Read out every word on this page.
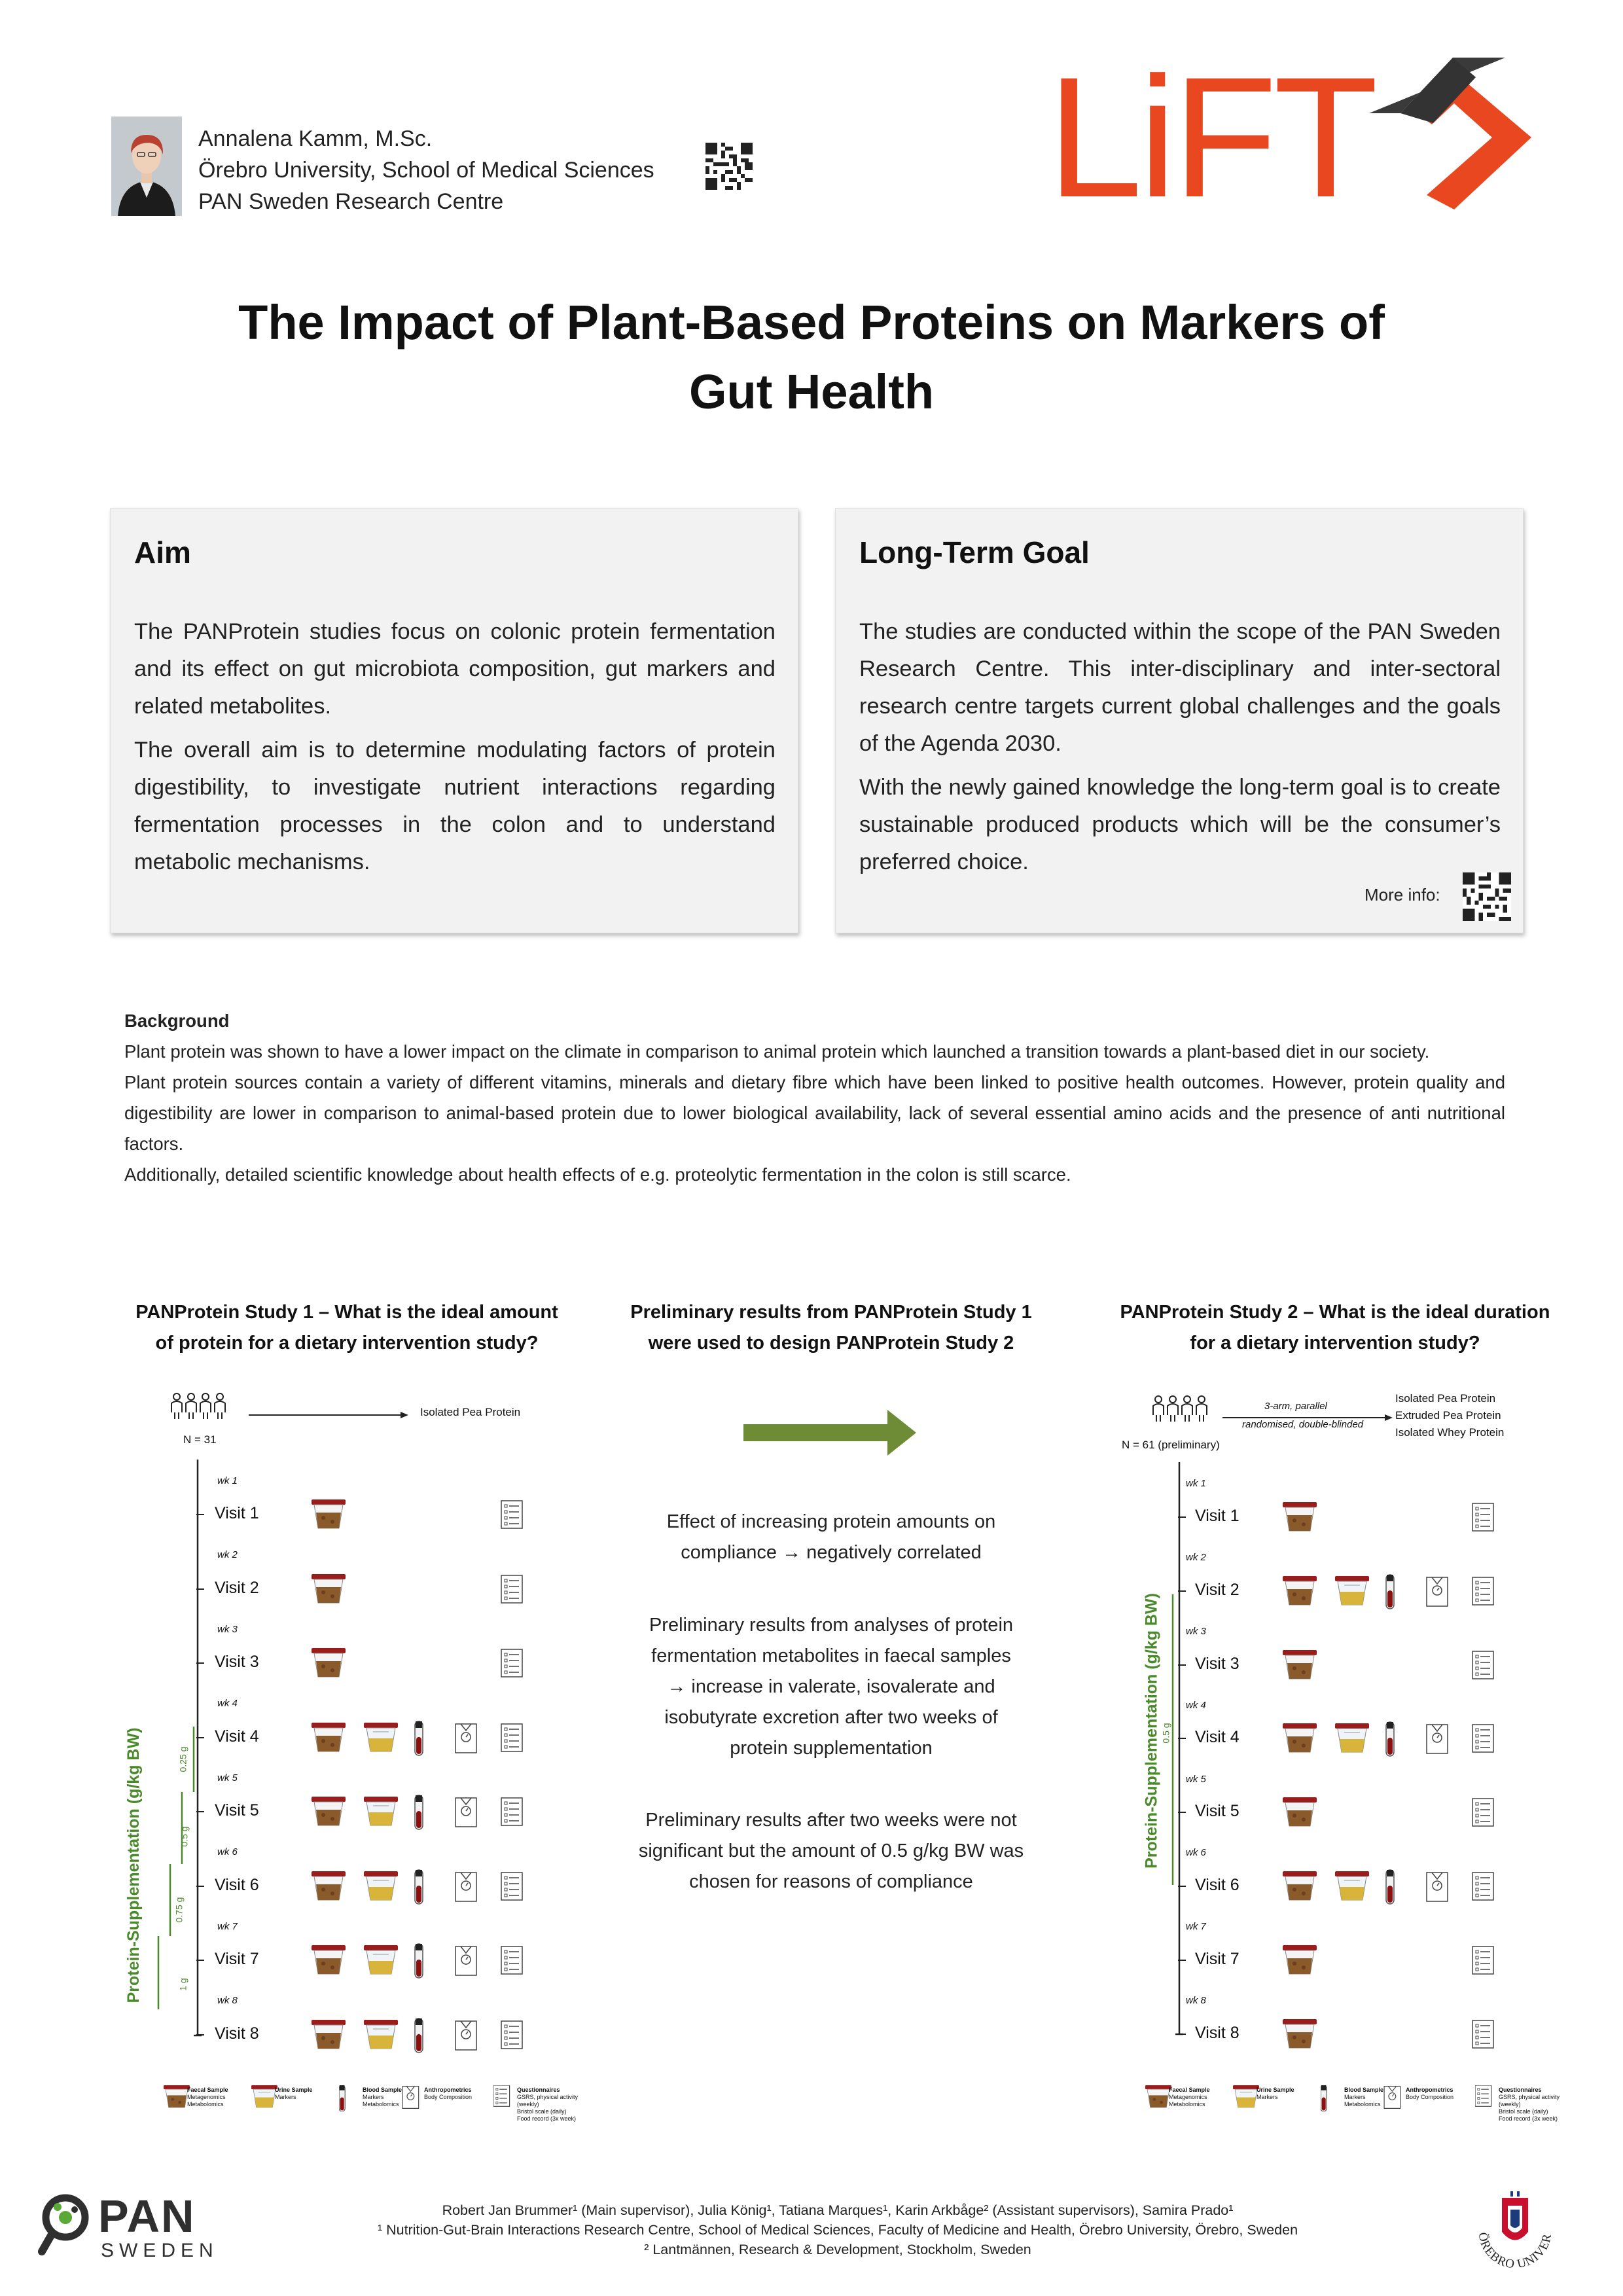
Annalena Kamm, M.Sc.
Örebro University, School of Medical Sciences
PAN Sweden Research Centre	LiFT
The Impact of Plant-Based Proteins on Markers of
Gut Health
Aim

The PANProtein studies focus on colonic protein fermentation and its effect on gut microbiota composition, gut markers and related metabolites.

The overall aim is to determine modulating factors of protein digestibility, to investigate nutrient interactions regarding fermentation processes in the colon and to understand metabolic mechanisms.

Long-Term Goal

The studies are conducted within the scope of the PAN Sweden Research Centre. This inter-disciplinary and inter-sectoral research centre targets current global challenges and the goals of the Agenda 2030.

With the newly gained knowledge the long-term goal is to create sustainable produced products which will be the consumer’s preferred choice.

More info:

Background

Plant protein was shown to have a lower impact on the climate in comparison to animal protein which launched a transition towards a plant-based diet in our society.

Plant protein sources contain a variety of different vitamins, minerals and dietary fibre which have been linked to positive health outcomes. However, protein quality and digestibility are lower in comparison to animal-based protein due to lower biological availability, lack of several essential amino acids and the presence of anti nutritional factors.

Additionally, detailed scientific knowledge about health effects of e.g. proteolytic fermentation in the colon is still scarce.

PANProtein Study 1 – What is the ideal amount
of protein for a dietary intervention study?
Preliminary results from PANProtein Study 1
were used to design PANProtein Study 2
PANProtein Study 2 – What is the ideal duration
for a dietary intervention study?
Effect of increasing protein amounts on
compliance → negatively correlated
Preliminary results from analyses of protein
fermentation metabolites in faecal samples
→ increase in valerate, isovalerate and
isobutyrate excretion after two weeks of
protein supplementation
Preliminary results after two weeks were not
significant but the amount of 0.5 g/kg BW was
chosen for reasons of compliance
Isolated Pea Protein
N = 31
Protein-Supplementation (g/kg BW)	0.25 g
0.5 g
0.75 g
1 g
wk 1
Visit 1
wk 2
Visit 2
wk 3
Visit 3
wk 4
Visit 4
wk 5
Visit 5
wk 6
Visit 6
wk 7
Visit 7
wk 8
Visit 8
3-arm, parallel
randomised, double-blinded
Isolated Pea Protein
Extruded Pea Protein
Isolated Whey Protein
N = 61 (preliminary)
Protein-Supplementation (g/kg BW) 0.5 g
wk 1
Visit 1
wk 2
Visit 2
wk 3
Visit 3
wk 4
Visit 4
wk 5
Visit 5
wk 6
Visit 6
wk 7
Visit 7
wk 8
Visit 8
Faecal Sample
Metagenomics
Metabolomics
Urine Sample
Markers
Blood Sample
Markers
Metabolomics
Anthropometrics
Body Composition
Questionnaires
GSRS, physical activity (weekly)
Bristol scale (daily)
Food record (3x week)
Faecal Sample
Metagenomics
Metabolomics
Urine Sample
Markers
Blood Sample
Markers
Metabolomics
Anthropometrics
Body Composition
Questionnaires
GSRS, physical activity (weekly)
Bristol scale (daily)
Food record (3x week)
PAN
SWEDEN
Robert Jan Brummer¹ (Main supervisor), Julia König¹, Tatiana Marques¹, Karin Arkbåge² (Assistant supervisors), Samira Prado¹
¹ Nutrition-Gut-Brain Interactions Research Centre, School of Medical Sciences, Faculty of Medicine and Health, Örebro University, Örebro, Sweden
² Lantmännen, Research & Development, Stockholm, Sweden
ÖREBRO UNIVER
